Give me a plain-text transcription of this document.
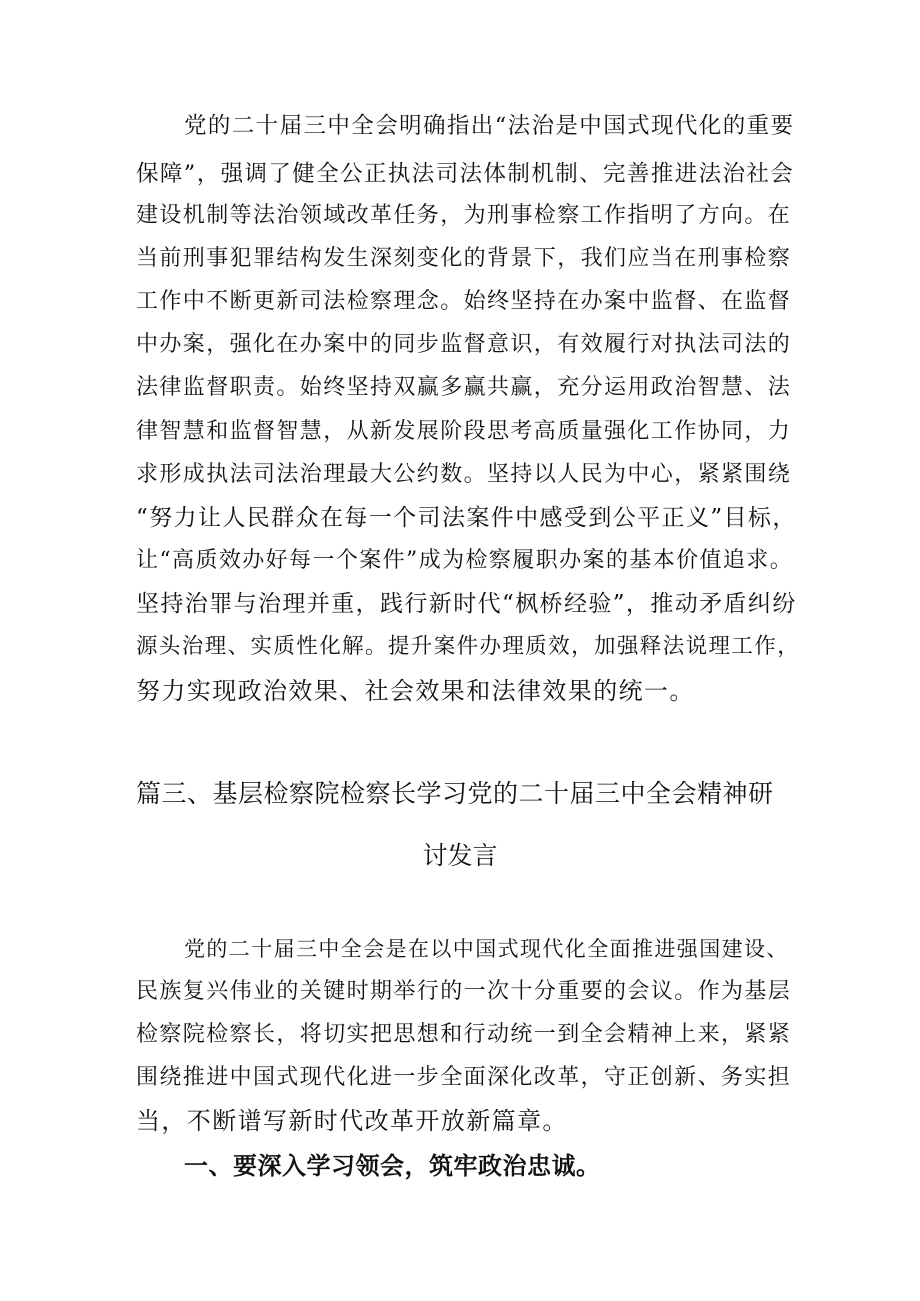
党的二十届三中全会明确指出“法治是中国式现代化的重要
保障”，强调了健全公正执法司法体制机制、完善推进法治社会
建设机制等法治领域改革任务，为刑事检察工作指明了方向。在
当前刑事犯罪结构发生深刻变化的背景下，我们应当在刑事检察
工作中不断更新司法检察理念。始终坚持在办案中监督、在监督
中办案，强化在办案中的同步监督意识，有效履行对执法司法的
法律监督职责。始终坚持双赢多赢共赢，充分运用政治智慧、法
律智慧和监督智慧，从新发展阶段思考高质量强化工作协同，力
求形成执法司法治理最大公约数。坚持以人民为中心，紧紧围绕
“努力让人民群众在每一个司法案件中感受到公平正义”目标，
让“高质效办好每一个案件”成为检察履职办案的基本价值追求。
坚持治罪与治理并重，践行新时代“枫桥经验”，推动矛盾纠纷
源头治理、实质性化解。提升案件办理质效，加强释法说理工作，
努力实现政治效果、社会效果和法律效果的统一。
篇三、基层检察院检察长学习党的二十届三中全会精神研
讨发言
党的二十届三中全会是在以中国式现代化全面推进强国建设、
民族复兴伟业的关键时期举行的一次十分重要的会议。作为基层
检察院检察长，将切实把思想和行动统一到全会精神上来，紧紧
围绕推进中国式现代化进一步全面深化改革，守正创新、务实担
当，不断谱写新时代改革开放新篇章。
一、要深入学习领会，筑牢政治忠诚。
